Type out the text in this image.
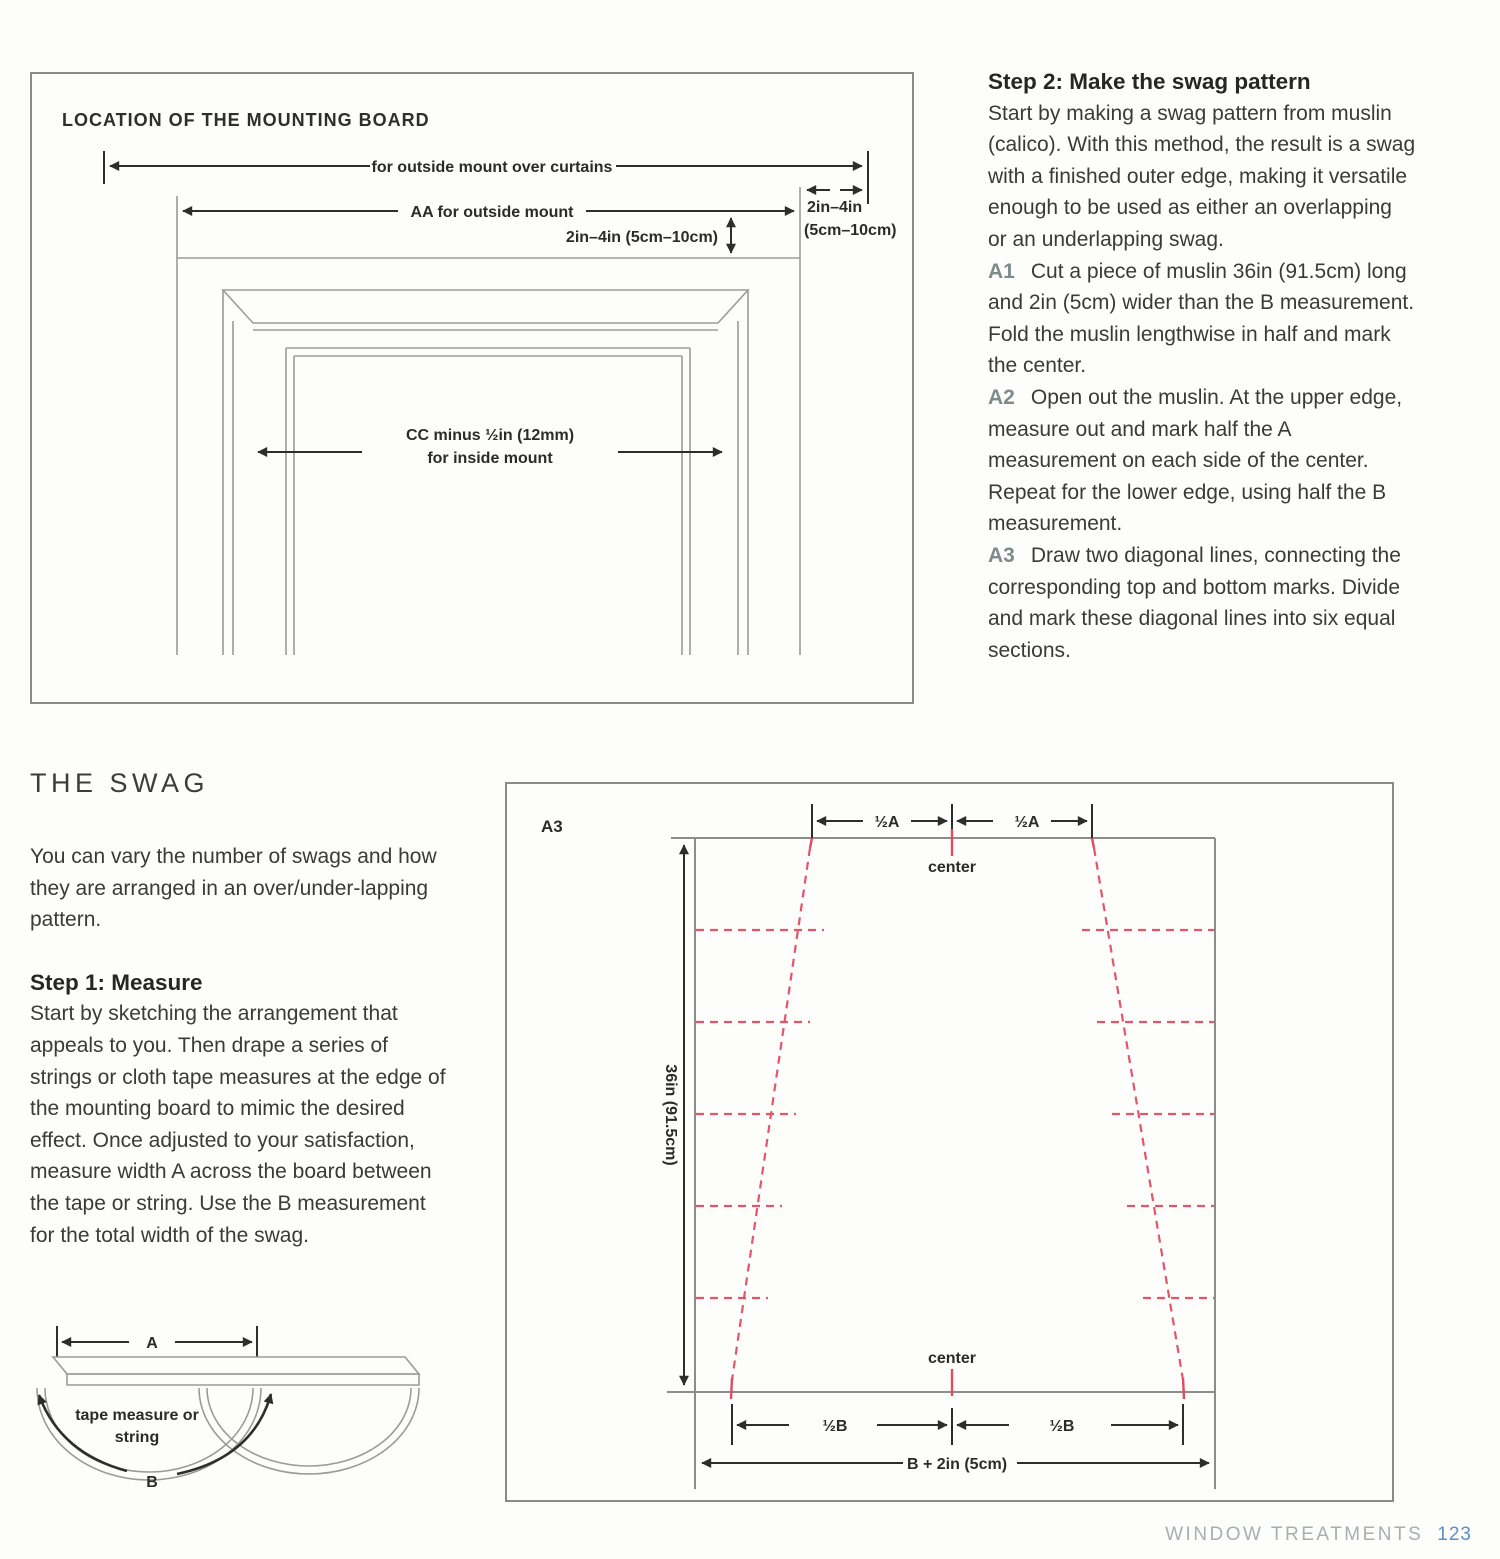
LOCATION OF THE MOUNTING BOARD
for outside mount over curtains
AA for outside mount	2in–4in
(5cm–10cm)
2in–4in (5cm–10cm)
CC minus ½in (12mm)
for inside mount
Step 2: Make the swag pattern

Start by making a swag pattern from muslin (calico). With this method, the result is a swag with a finished outer edge, making it versatile enough to be used as either an overlapping or an underlapping swag.

A1 Cut a piece of muslin 36in (91.5cm) long and 2in (5cm) wider than the B measurement. Fold the muslin lengthwise in half and mark the center.

A2 Open out the muslin. At the upper edge, measure out and mark half the A measurement on each side of the center. Repeat for the lower edge, using half the B measurement.

A3 Draw two diagonal lines, connecting the corresponding top and bottom marks. Divide and mark these diagonal lines into six equal sections.

THE SWAG

You can vary the number of swags and how they are arranged in an over/under-lapping pattern.

Step 1: Measure

Start by sketching the arrangement that appeals to you. Then drape a series of strings or cloth tape measures at the edge of the mounting board to mimic the desired effect. Once adjusted to your satisfaction, measure width A across the board between the tape or string. Use the B measurement for the total width of the swag.

A
B
tape measure or
string
A3	½A	½A
center
36in (91.5cm)
center
½B	½B
B + 2in (5cm)
WINDOW TREATMENTS 123
